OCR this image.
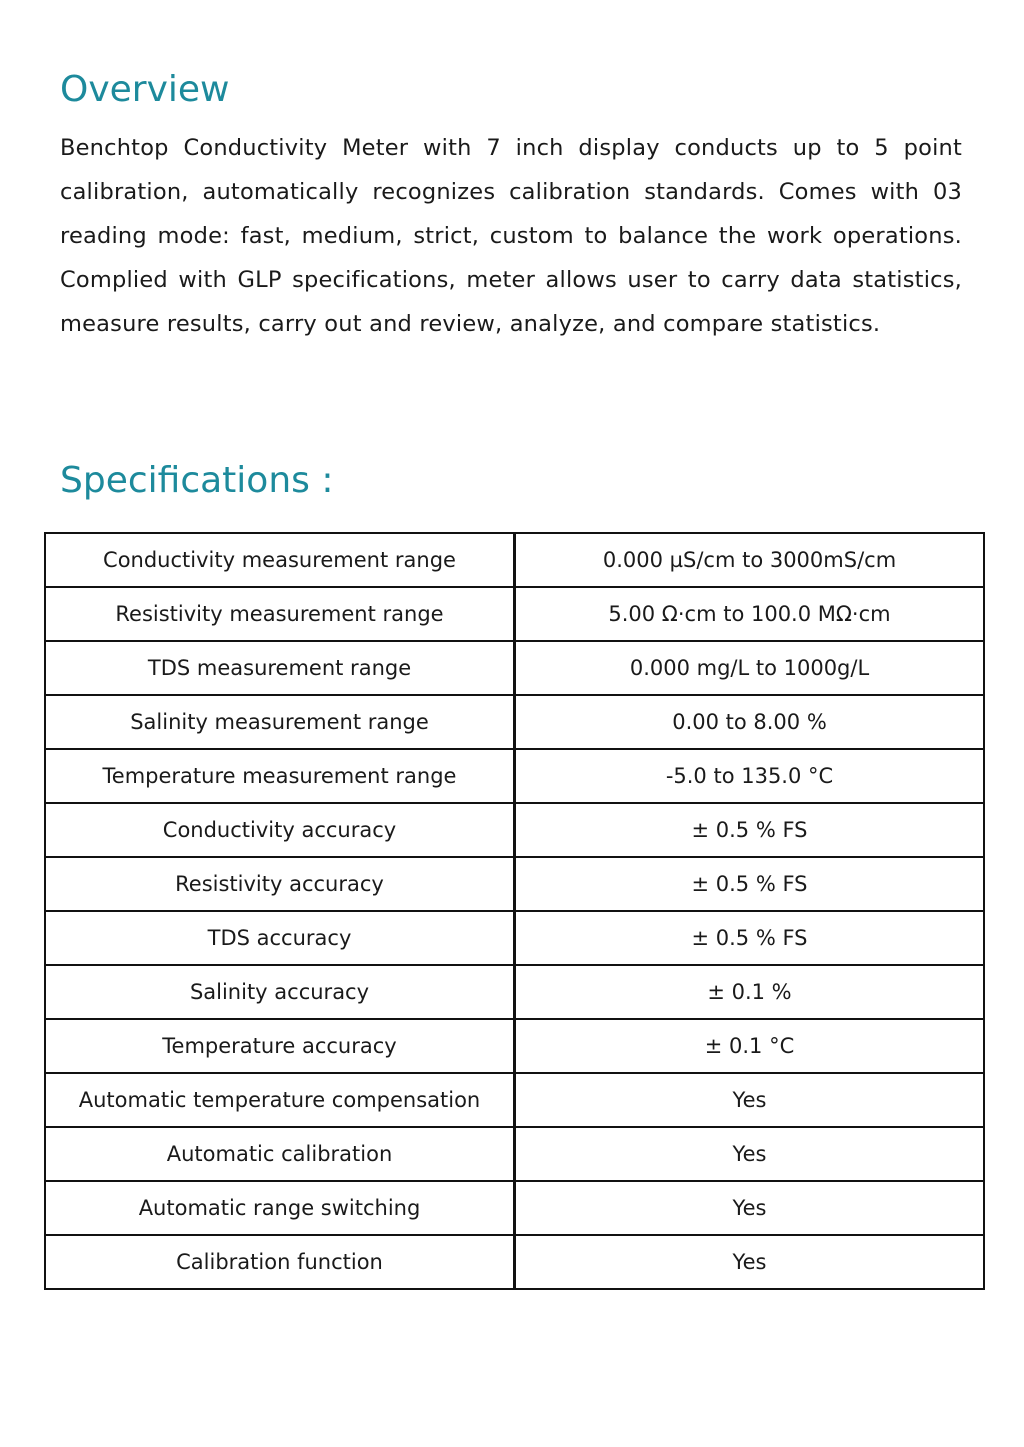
Overview

Benchtop Conductivity Meter with 7 inch display conducts up to 5 point calibration, automatically recognizes calibration standards. Comes with 03 reading mode: fast, medium, strict, custom to balance the work operations. Complied with GLP specifications, meter allows user to carry data statistics, measure results, carry out and review, analyze, and compare statistics.

Specifications :
Conductivity measurement range	0.000 µS/cm to 3000mS/cm
Resistivity measurement range	5.00 Ω·cm to 100.0 MΩ·cm
TDS measurement range	0.000 mg/L to 1000g/L
Salinity measurement range	0.00 to 8.00 %
Temperature measurement range	-5.0 to 135.0 °C
Conductivity accuracy	± 0.5 % FS
Resistivity accuracy	± 0.5 % FS
TDS accuracy	± 0.5 % FS
Salinity accuracy	± 0.1 %
Temperature accuracy	± 0.1 °C
Automatic temperature compensation	Yes
Automatic calibration	Yes
Automatic range switching	Yes
Calibration function	Yes
